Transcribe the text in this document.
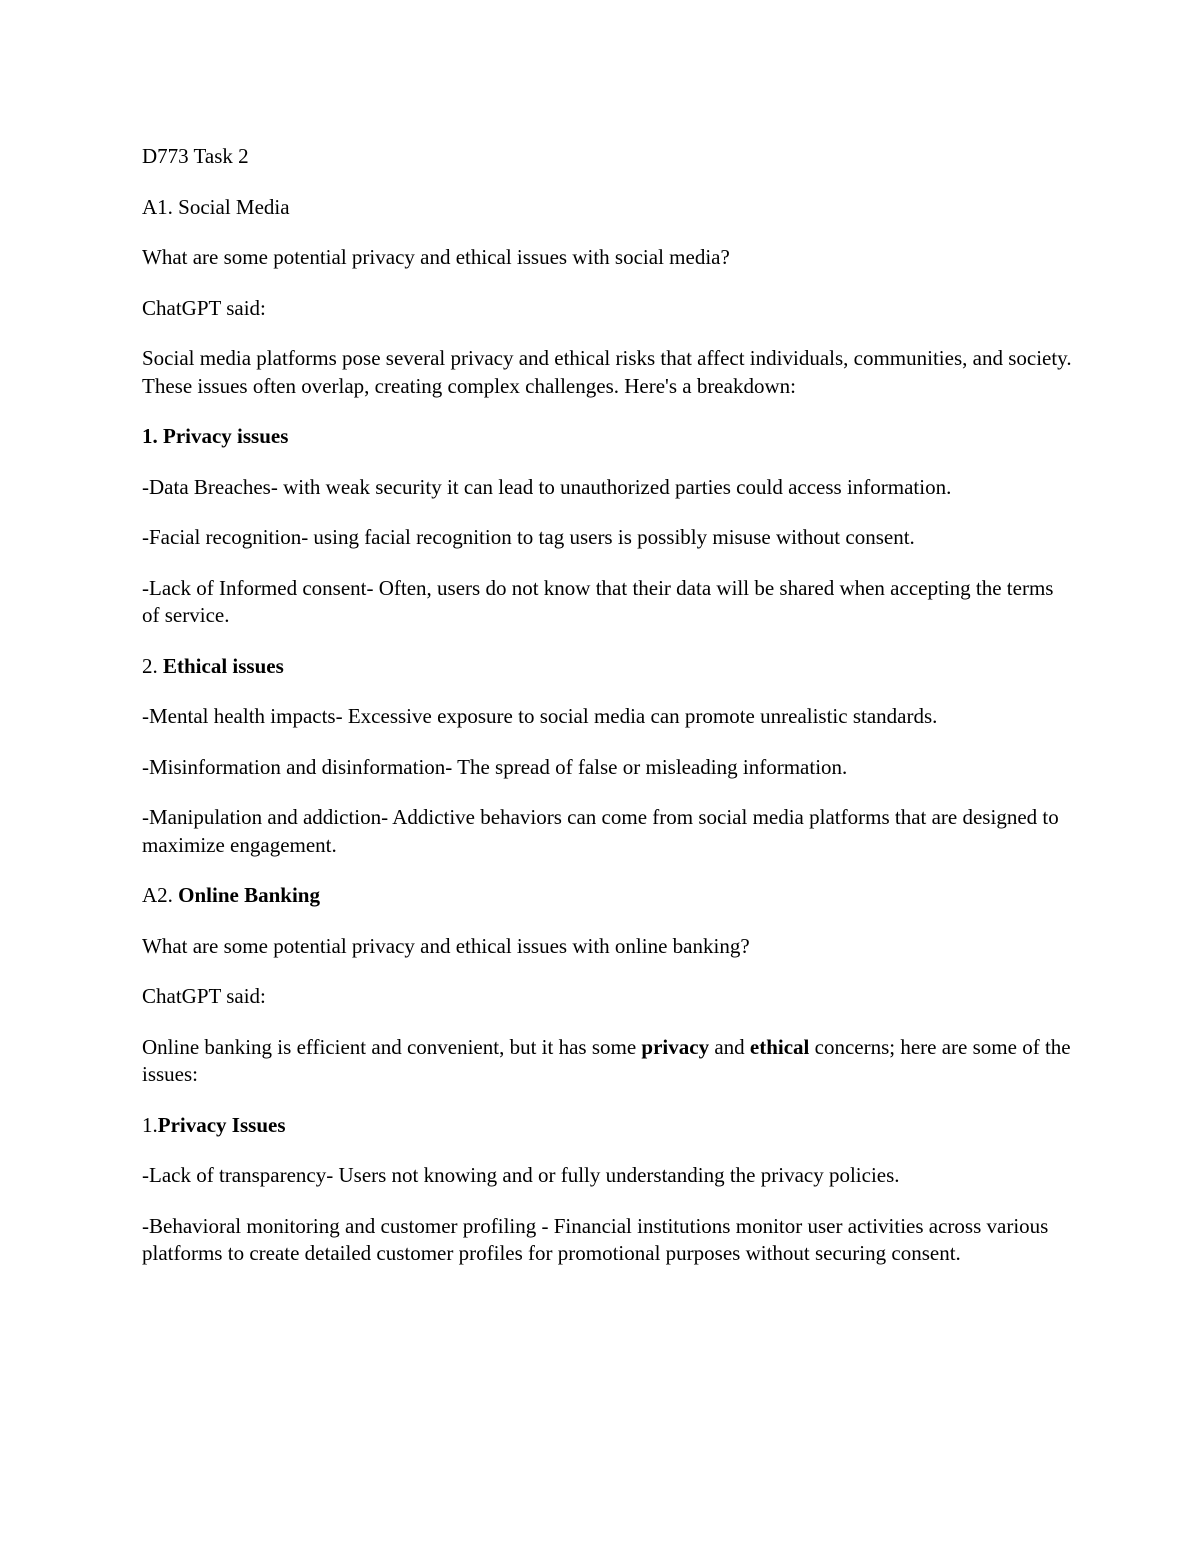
D773 Task 2

A1. Social Media

What are some potential privacy and ethical issues with social media?

ChatGPT said:

Social media platforms pose several privacy and ethical risks that affect individuals, communities, and society. These issues often overlap, creating complex challenges. Here's a breakdown:

1. Privacy issues

-Data Breaches- with weak security it can lead to unauthorized parties could access information.

-Facial recognition- using facial recognition to tag users is possibly misuse without consent.

-Lack of Informed consent- Often, users do not know that their data will be shared when accepting the terms of service.

2. Ethical issues

-Mental health impacts- Excessive exposure to social media can promote unrealistic standards.

-Misinformation and disinformation- The spread of false or misleading information.

-Manipulation and addiction- Addictive behaviors can come from social media platforms that are designed to maximize engagement.

A2. Online Banking

What are some potential privacy and ethical issues with online banking?

ChatGPT said:

Online banking is efficient and convenient, but it has some privacy and ethical concerns; here are some of the issues:

1.Privacy Issues

-Lack of transparency- Users not knowing and or fully understanding the privacy policies.

-Behavioral monitoring and customer profiling - Financial institutions monitor user activities across various platforms to create detailed customer profiles for promotional purposes without securing consent.
